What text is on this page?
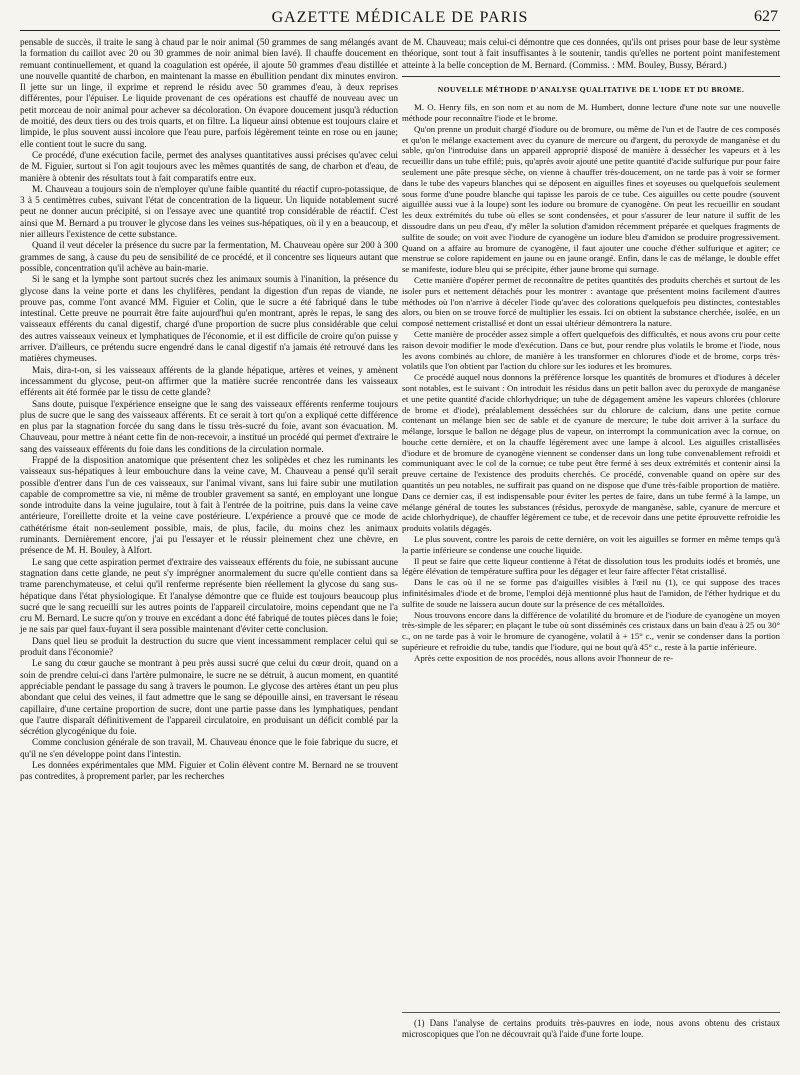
GAZETTE MÉDICALE DE PARIS	627

pensable de succès, il traite le sang à chaud par le noir animal (50 grammes de sang mélangés avant la formation du caillot avec 20 ou 30 grammes de noir animal bien lavé). Il chauffe doucement en remuant continuellement, et quand la coagulation est opérée, il ajoute 50 grammes d'eau distillée et une nouvelle quantité de charbon, en maintenant la masse en ébullition pendant dix minutes environ. Il jette sur un linge, il exprime et reprend le résidu avec 50 grammes d'eau, à deux reprises différentes, pour l'épuiser. Le liquide provenant de ces opérations est chauffé de nouveau avec un petit morceau de noir animal pour achever sa décoloration. On évapore doucement jusqu'à réduction de moitié, des deux tiers ou des trois quarts, et on filtre. La liqueur ainsi obtenue est toujours claire et limpide, le plus souvent aussi incolore que l'eau pure, parfois légèrement teinte en rose ou en jaune; elle contient tout le sucre du sang.

Ce procédé, d'une exécution facile, permet des analyses quantitatives aussi précises qu'avec celui de M. Figuier, surtout si l'on agit toujours avec les mêmes quantités de sang, de charbon et d'eau, de manière à obtenir des résultats tout à fait comparatifs entre eux.

M. Chauveau a toujours soin de n'employer qu'une faible quantité du réactif cupro-potassique, de 3 à 5 centimètres cubes, suivant l'état de concentration de la liqueur. Un liquide notablement sucré peut ne donner aucun précipité, si on l'essaye avec une quantité trop considérable de réactif. C'est ainsi que M. Bernard a pu trouver le glycose dans les veines sus-hépatiques, où il y en a beaucoup, et nier ailleurs l'existence de cette substance.

Quand il veut déceler la présence du sucre par la fermentation, M. Chauveau opère sur 200 à 300 grammes de sang, à cause du peu de sensibilité de ce procédé, et il concentre ses liqueurs autant que possible, concentration qu'il achève au bain-marie.

Si le sang et la lymphe sont partout sucrés chez les animaux soumis à l'inanition, la présence du glycose dans la veine porte et dans les chylifères, pendant la digestion d'un repas de viande, ne prouve pas, comme l'ont avancé MM. Figuier et Colin, que le sucre a été fabriqué dans le tube intestinal. Cette preuve ne pourrait être faite aujourd'hui qu'en montrant, après le repas, le sang des vaisseaux efférents du canal digestif, chargé d'une proportion de sucre plus considérable que celui des autres vaisseaux veineux et lymphatiques de l'économie, et il est difficile de croire qu'on puisse y arriver. D'ailleurs, ce prétendu sucre engendré dans le canal digestif n'a jamais été retrouvé dans les matières chymeuses.

Mais, dira-t-on, si les vaisseaux afférents de la glande hépatique, artères et veines, y amènent incessamment du glycose, peut-on affirmer que la matière sucrée rencontrée dans les vaisseaux efférents ait été formée par le tissu de cette glande?

Sans doute, puisque l'expérience enseigne que le sang des vaisseaux efférents renferme toujours plus de sucre que le sang des vaisseaux afférents. Et ce serait à tort qu'on a expliqué cette différence en plus par la stagnation forcée du sang dans le tissu très-sucré du foie, avant son évacuation. M. Chauveau, pour mettre à néant cette fin de non-recevoir, a institué un procédé qui permet d'extraire le sang des vaisseaux efférents du foie dans les conditions de la circulation normale.

Frappé de la disposition anatomique que présentent chez les solipèdes et chez les ruminants les vaisseaux sus-hépatiques à leur embouchure dans la veine cave, M. Chauveau a pensé qu'il serait possible d'entrer dans l'un de ces vaisseaux, sur l'animal vivant, sans lui faire subir une mutilation capable de compromettre sa vie, ni même de troubler gravement sa santé, en employant une longue sonde introduite dans la veine jugulaire, tout à fait à l'entrée de la poitrine, puis dans la veine cave antérieure, l'oreillette droite et la veine cave postérieure. L'expérience a prouvé que ce mode de cathétérisme était non-seulement possible, mais, de plus, facile, du moins chez les animaux ruminants. Dernièrement encore, j'ai pu l'essayer et le réussir pleinement chez une chèvre, en présence de M. H. Bouley, à Alfort.

Le sang que cette aspiration permet d'extraire des vaisseaux efférents du foie, ne subissant aucune stagnation dans cette glande, ne peut s'y imprégner anormalement du sucre qu'elle contient dans sa trame parenchymateuse, et celui qu'il renferme représente bien réellement la glycose du sang sus-hépatique dans l'état physiologique. Et l'analyse démontre que ce fluide est toujours beaucoup plus sucré que le sang recueilli sur les autres points de l'appareil circulatoire, moins cependant que ne l'a cru M. Bernard. Le sucre qu'on y trouve en excédant a donc été fabriqué de toutes pièces dans le foie; je ne sais par quel faux-fuyant il sera possible maintenant d'éviter cette conclusion.

Dans quel lieu se produit la destruction du sucre que vient incessamment remplacer celui qui se produit dans l'économie?

Le sang du cœur gauche se montrant à peu près aussi sucré que celui du cœur droit, quand on a soin de prendre celui-ci dans l'artère pulmonaire, le sucre ne se détruit, à aucun moment, en quantité appréciable pendant le passage du sang à travers le poumon. Le glycose des artères étant un peu plus abondant que celui des veines, il faut admettre que le sang se dépouille ainsi, en traversant le réseau capillaire, d'une certaine proportion de sucre, dont une partie passe dans les lymphatiques, pendant que l'autre disparaît définitivement de l'appareil circulatoire, en produisant un déficit comblé par la sécrétion glycogénique du foie.

Comme conclusion générale de son travail, M. Chauveau énonce que le foie fabrique du sucre, et qu'il ne s'en développe point dans l'intestin.

Les données expérimentales que MM. Figuier et Colin élèvent contre M. Bernard ne se trouvent pas contredites, à proprement parler, par les recherches

de M. Chauveau; mais celui-ci démontre que ces données, qu'ils ont prises pour base de leur système théorique, sont tout à fait insuffisantes à le soutenir, tandis qu'elles ne portent point manifestement atteinte à la belle conception de M. Bernard. (Commiss. : MM. Bouley, Bussy, Bérard.)

NOUVELLE MÉTHODE D'ANALYSE QUALITATIVE DE L'IODE ET DU BROME.

M. O. Henry fils, en son nom et au nom de M. Humbert, donne lecture d'une note sur une nouvelle méthode pour reconnaître l'iode et le brome.

Qu'on prenne un produit chargé d'iodure ou de bromure, ou même de l'un et de l'autre de ces composés et qu'on le mélange exactement avec du cyanure de mercure ou d'argent, du peroxyde de manganèse et du sable, qu'on l'introduise dans un appareil approprié disposé de manière à dessécher les vapeurs et à les recueillir dans un tube effilé; puis, qu'après avoir ajouté une petite quantité d'acide sulfurique pur pour faire seulement une pâte presque sèche, on vienne à chauffer très-doucement, on ne tarde pas à voir se former dans le tube des vapeurs blanches qui se déposent en aiguilles fines et soyeuses ou quelquefois seulement sous forme d'une poudre blanche qui tapisse les parois de ce tube. Ces aiguilles ou cette poudre (souvent aiguillée aussi vue à la loupe) sont les iodure ou bromure de cyanogène. On peut les recueillir en soudant les deux extrémités du tube où elles se sont condensées, et pour s'assurer de leur nature il suffit de les dissoudre dans un peu d'eau, d'y mêler la solution d'amidon récemment préparée et quelques fragments de sulfite de soude; on voit avec l'iodure de cyanogène un iodure bleu d'amidon se produire progressivement. Quand on a affaire au bromure de cyanogène, il faut ajouter une couche d'éther sulfurique et agiter; ce menstrue se colore rapidement en jaune ou en jaune orangé. Enfin, dans le cas de mélange, le double effet se manifeste, iodure bleu qui se précipite, éther jaune brome qui surnage.

Cette manière d'opérer permet de reconnaître de petites quantités des produits cherchés et surtout de les isoler purs et nettement détachés pour les montrer : avantage que présentent moins facilement d'autres méthodes où l'on n'arrive à déceler l'iode qu'avec des colorations quelquefois peu distinctes, contestables alors, ou bien on se trouve forcé de multiplier les essais. Ici on obtient la substance cherchée, isolée, en un composé nettement cristallisé et dont un essai ultérieur démontrera la nature.

Cette manière de procéder assez simple a offert quelquefois des difficultés, et nous avons cru pour cette raison devoir modifier le mode d'exécution. Dans ce but, pour rendre plus volatils le brome et l'iode, nous les avons combinés au chlore, de manière à les transformer en chlorures d'iode et de brome, corps très-volatils que l'on obtient par l'action du chlore sur les iodures et les bromures.

Ce procédé auquel nous donnons la préférence lorsque les quantités de bromures et d'iodures à déceler sont notables, est le suivant : On introduit les résidus dans un petit ballon avec du peroxyde de manganèse et une petite quantité d'acide chlorhydrique; un tube de dégagement amène les vapeurs chlorées (chlorure de brome et d'iode), préalablement desséchées sur du chlorure de calcium, dans une petite cornue contenant un mélange bien sec de sable et de cyanure de mercure; le tube doit arriver à la surface du mélange, lorsque le ballon ne dégage plus de vapeur, on interrompt la communication avec la cornue, on bouche cette dernière, et on la chauffe légèrement avec une lampe à alcool. Les aiguilles cristallisées d'iodure et de bromure de cyanogène viennent se condenser dans un long tube convenablement refroidi et communiquant avec le col de la cornue; ce tube peut être fermé à ses deux extrémités et contenir ainsi la preuve certaine de l'existence des produits cherchés. Ce procédé, convenable quand on opère sur des quantités un peu notables, ne suffirait pas quand on ne dispose que d'une très-faible proportion de matière. Dans ce dernier cas, il est indispensable pour éviter les pertes de faire, dans un tube fermé à la lampe, un mélange général de toutes les substances (résidus, peroxyde de manganèse, sable, cyanure de mercure et acide chlorhydrique), de chauffer légèrement ce tube, et de recevoir dans une petite éprouvette refroidie les produits volatils dégagés.

Le plus souvent, contre les parois de cette dernière, on voit les aiguilles se former en même temps qu'à la partie inférieure se condense une couche liquide.

Il peut se faire que cette liqueur contienne à l'état de dissolution tous les produits iodés et bromés, une légère élévation de température suffira pour les dégager et leur faire affecter l'état cristallisé.

Dans le cas où il ne se forme pas d'aiguilles visibles à l'œil nu (1), ce qui suppose des traces infinitésimales d'iode et de brome, l'emploi déjà mentionné plus haut de l'amidon, de l'éther hydrique et du sulfite de soude ne laissera aucun doute sur la présence de ces métalloïdes.

Nous trouvons encore dans la différence de volatilité du bromure et de l'iodure de cyanogène un moyen très-simple de les séparer; en plaçant le tube où sont disséminés ces cristaux dans un bain d'eau à 25 ou 30° c., on ne tarde pas à voir le bromure de cyanogène, volatil à + 15° c., venir se condenser dans la portion supérieure et refroidie du tube, tandis que l'iodure, qui ne bout qu'à 45° c., reste à la partie inférieure.

Après cette exposition de nos procédés, nous allons avoir l'honneur de re-

(1) Dans l'analyse de certains produits très-pauvres en iode, nous avons obtenu des cristaux microscopiques que l'on ne découvrait qu'à l'aide d'une forte loupe.
